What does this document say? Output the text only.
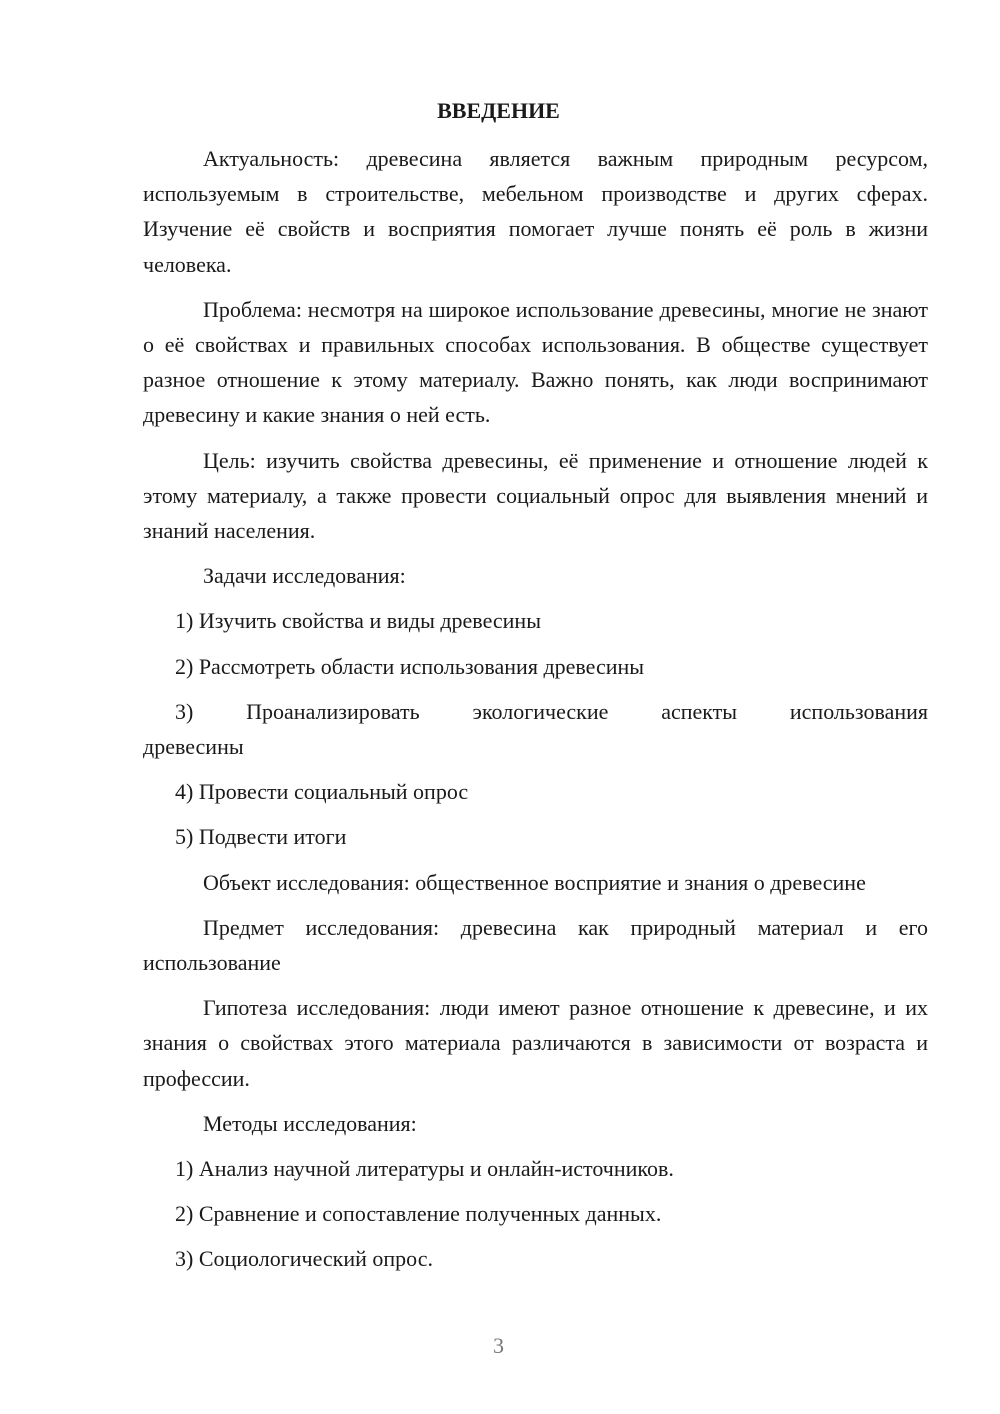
ВВЕДЕНИЕ

Актуальность: древесина является важным природным ресурсом, используемым в строительстве, мебельном производстве и других сферах. Изучение её свойств и восприятия помогает лучше понять её роль в жизни человека.

Проблема: несмотря на широкое использование древесины, многие не знают о её свойствах и правильных способах использования. В обществе существует разное отношение к этому материалу. Важно понять, как люди воспринимают древесину и какие знания о ней есть.

Цель: изучить свойства древесины, её применение и отношение людей к этому материалу, а также провести социальный опрос для выявления мнений и знаний населения.

Задачи исследования:

1) Изучить свойства и виды древесины

2) Рассмотреть области использования древесины

3) Проанализировать экологические аспекты использования

древесины

4) Провести социальный опрос

5) Подвести итоги

Объект исследования: общественное восприятие и знания о древесине

Предмет исследования: древесина как природный материал и его использование

Гипотеза исследования: люди имеют разное отношение к древесине, и их знания о свойствах этого материала различаются в зависимости от возраста и профессии.

Методы исследования:

1) Анализ научной литературы и онлайн-источников.

2) Сравнение и сопоставление полученных данных.

3) Социологический опрос.

3
